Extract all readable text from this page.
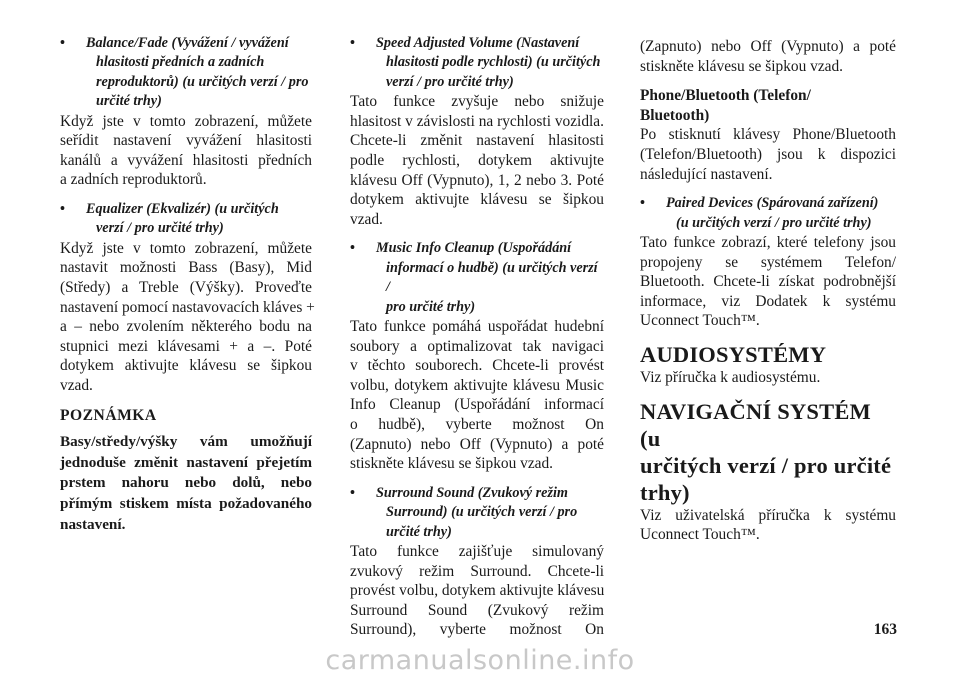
• Balance/Fade (Vyvážení / vyvážení
hlasitosti předních a zadních
reproduktorů) (u určitých verzí / pro
určité trhy)
Když jste v tomto zobrazení, můžete
seřídit nastavení vyvážení hlasitosti
kanálů a vyvážení hlasitosti předních
a zadních reproduktorů.
• Equalizer (Ekvalizér) (u určitých
verzí / pro určité trhy)
Když jste v tomto zobrazení, můžete
nastavit možnosti Bass (Basy), Mid
(Středy) a Treble (Výšky). Proveďte
nastavení pomocí nastavovacích kláves +
a – nebo zvolením některého bodu na
stupnici mezi klávesami + a –. Poté
dotykem aktivujte klávesu se šipkou
vzad.
POZNÁMKA
Basy/středy/výšky vám umožňují
jednoduše změnit nastavení přejetím
prstem nahoru nebo dolů, nebo
přímým stiskem místa požadovaného
nastavení.
• Speed Adjusted Volume (Nastavení
hlasitosti podle rychlosti) (u určitých
verzí / pro určité trhy)
Tato funkce zvyšuje nebo snižuje
hlasitost v závislosti na rychlosti vozidla.
Chcete-li změnit nastavení hlasitosti
podle rychlosti, dotykem aktivujte
klávesu Off (Vypnuto), 1, 2 nebo 3. Poté
dotykem aktivujte klávesu se šipkou
vzad.
• Music Info Cleanup (Uspořádání
informací o hudbě) (u určitých verzí /
pro určité trhy)
Tato funkce pomáhá uspořádat hudební
soubory a optimalizovat tak navigaci
v těchto souborech. Chcete-li provést
volbu, dotykem aktivujte klávesu Music
Info Cleanup (Uspořádání informací
o hudbě), vyberte možnost On
(Zapnuto) nebo Off (Vypnuto) a poté
stiskněte klávesu se šipkou vzad.
• Surround Sound (Zvukový režim
Surround) (u určitých verzí / pro
určité trhy)
Tato funkce zajišťuje simulovaný
zvukový režim Surround. Chcete-li
provést volbu, dotykem aktivujte klávesu
Surround Sound (Zvukový režim
Surround), vyberte možnost On
(Zapnuto) nebo Off (Vypnuto) a poté
stiskněte klávesu se šipkou vzad.
Phone/Bluetooth (Telefon/
Bluetooth)
Po stisknutí klávesy Phone/Bluetooth
(Telefon/Bluetooth) jsou k dispozici
následující nastavení.
• Paired Devices (Spárovaná zařízení)
(u určitých verzí / pro určité trhy)
Tato funkce zobrazí, které telefony jsou
propojeny se systémem Telefon/
Bluetooth. Chcete-li získat podrobnější
informace, viz Dodatek k systému
Uconnect Touch™.
AUDIOSYSTÉMY
Viz příručka k audiosystému.
NAVIGAČNÍ SYSTÉM (u
určitých verzí / pro určité
trhy)
Viz uživatelská příručka k systému
Uconnect Touch™.
163
carmanualsonline.info
